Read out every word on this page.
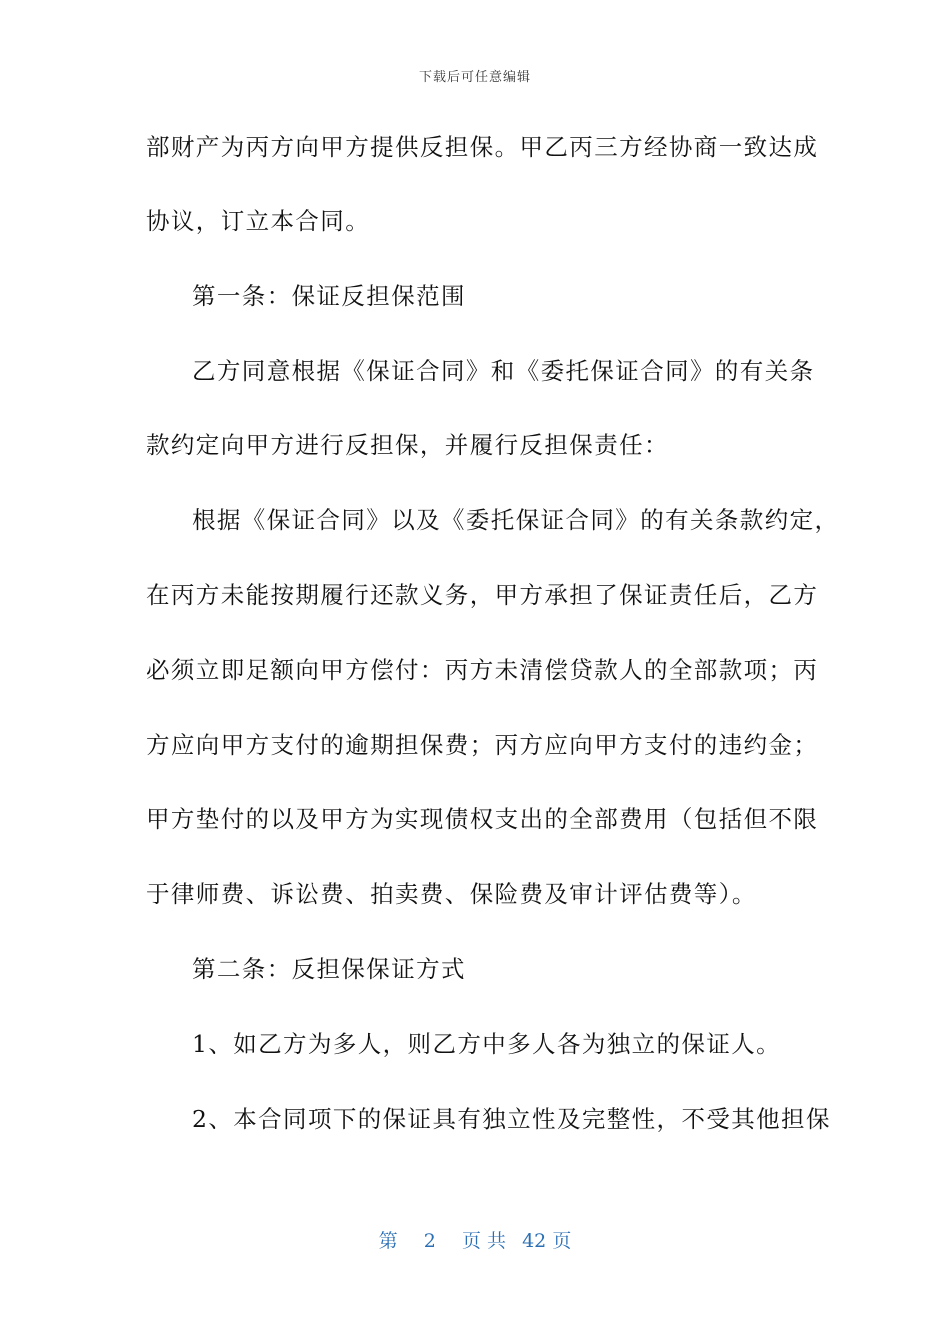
下载后可任意编辑
部财产为丙方向甲方提供反担保。甲乙丙三方经协商一致达成
协议，订立本合同。
第一条：保证反担保范围
乙方同意根据《保证合同》和《委托保证合同》的有关条
款约定向甲方进行反担保，并履行反担保责任：
根据《保证合同》以及《委托保证合同》的有关条款约定，
在丙方未能按期履行还款义务，甲方承担了保证责任后，乙方
必须立即足额向甲方偿付：丙方未清偿贷款人的全部款项；丙
方应向甲方支付的逾期担保费；丙方应向甲方支付的违约金；
甲方垫付的以及甲方为实现债权支出的全部费用（包括但不限
于律师费、诉讼费、拍卖费、保险费及审计评估费等）。
第二条：反担保保证方式
1、如乙方为多人，则乙方中多人各为独立的保证人。
2、本合同项下的保证具有独立性及完整性，不受其他担保
第 2 页 共 42 页
